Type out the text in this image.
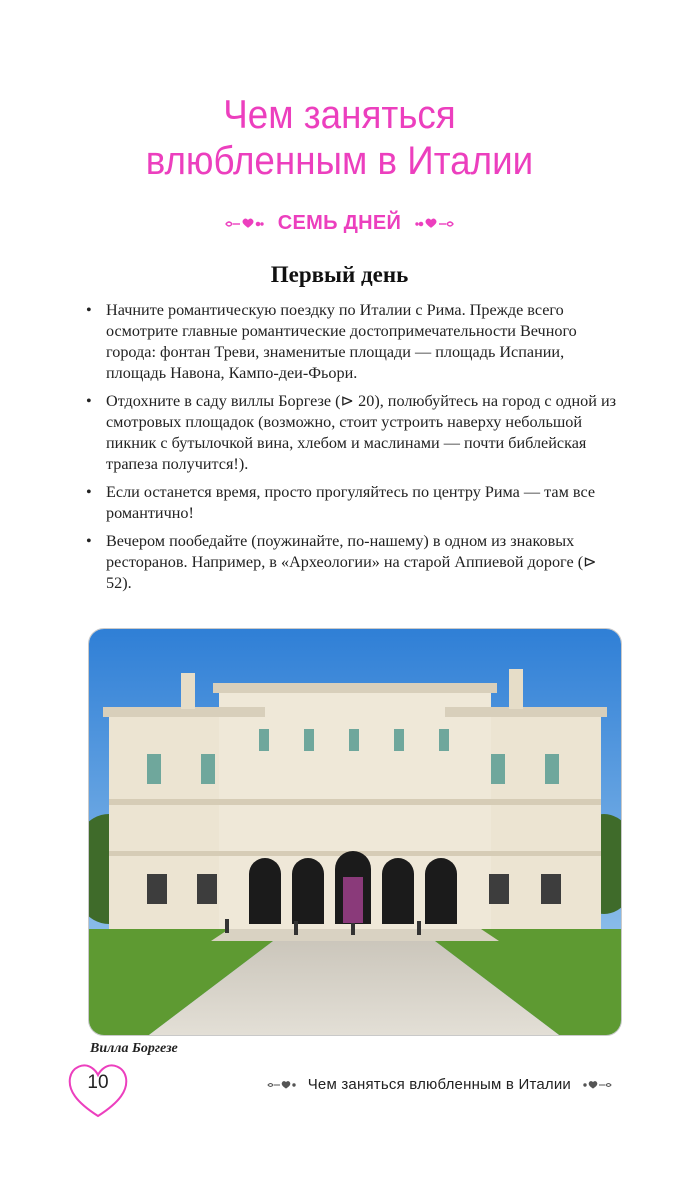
Чем заняться
влюбленным в Италии
СЕМЬ ДНЕЙ
Первый день
• Начните романтическую поездку по Италии с Рима. Прежде всего осмотрите главные романтические достопримечательности Вечного города: фонтан Треви, знаменитые площади — площадь Испании, площадь Навона, Кампо-деи-Фьори.
• Отдохните в саду виллы Боргезе (⊳ 20), полюбуйтесь на город с одной из смотровых площадок (возможно, стоит устроить наверху небольшой пикник с бутылочкой вина, хлебом и маслинами — почти библейская трапеза получится!).
• Если останется время, просто прогуляйтесь по центру Рима — там все романтично!
• Вечером пообедайте (поужинайте, по-нашему) в одном из знаковых ресторанов. Например, в «Археологии» на старой Аппиевой дороге (⊳ 52).
Вилла Боргезе
10	Чем заняться влюбленным в Италии
